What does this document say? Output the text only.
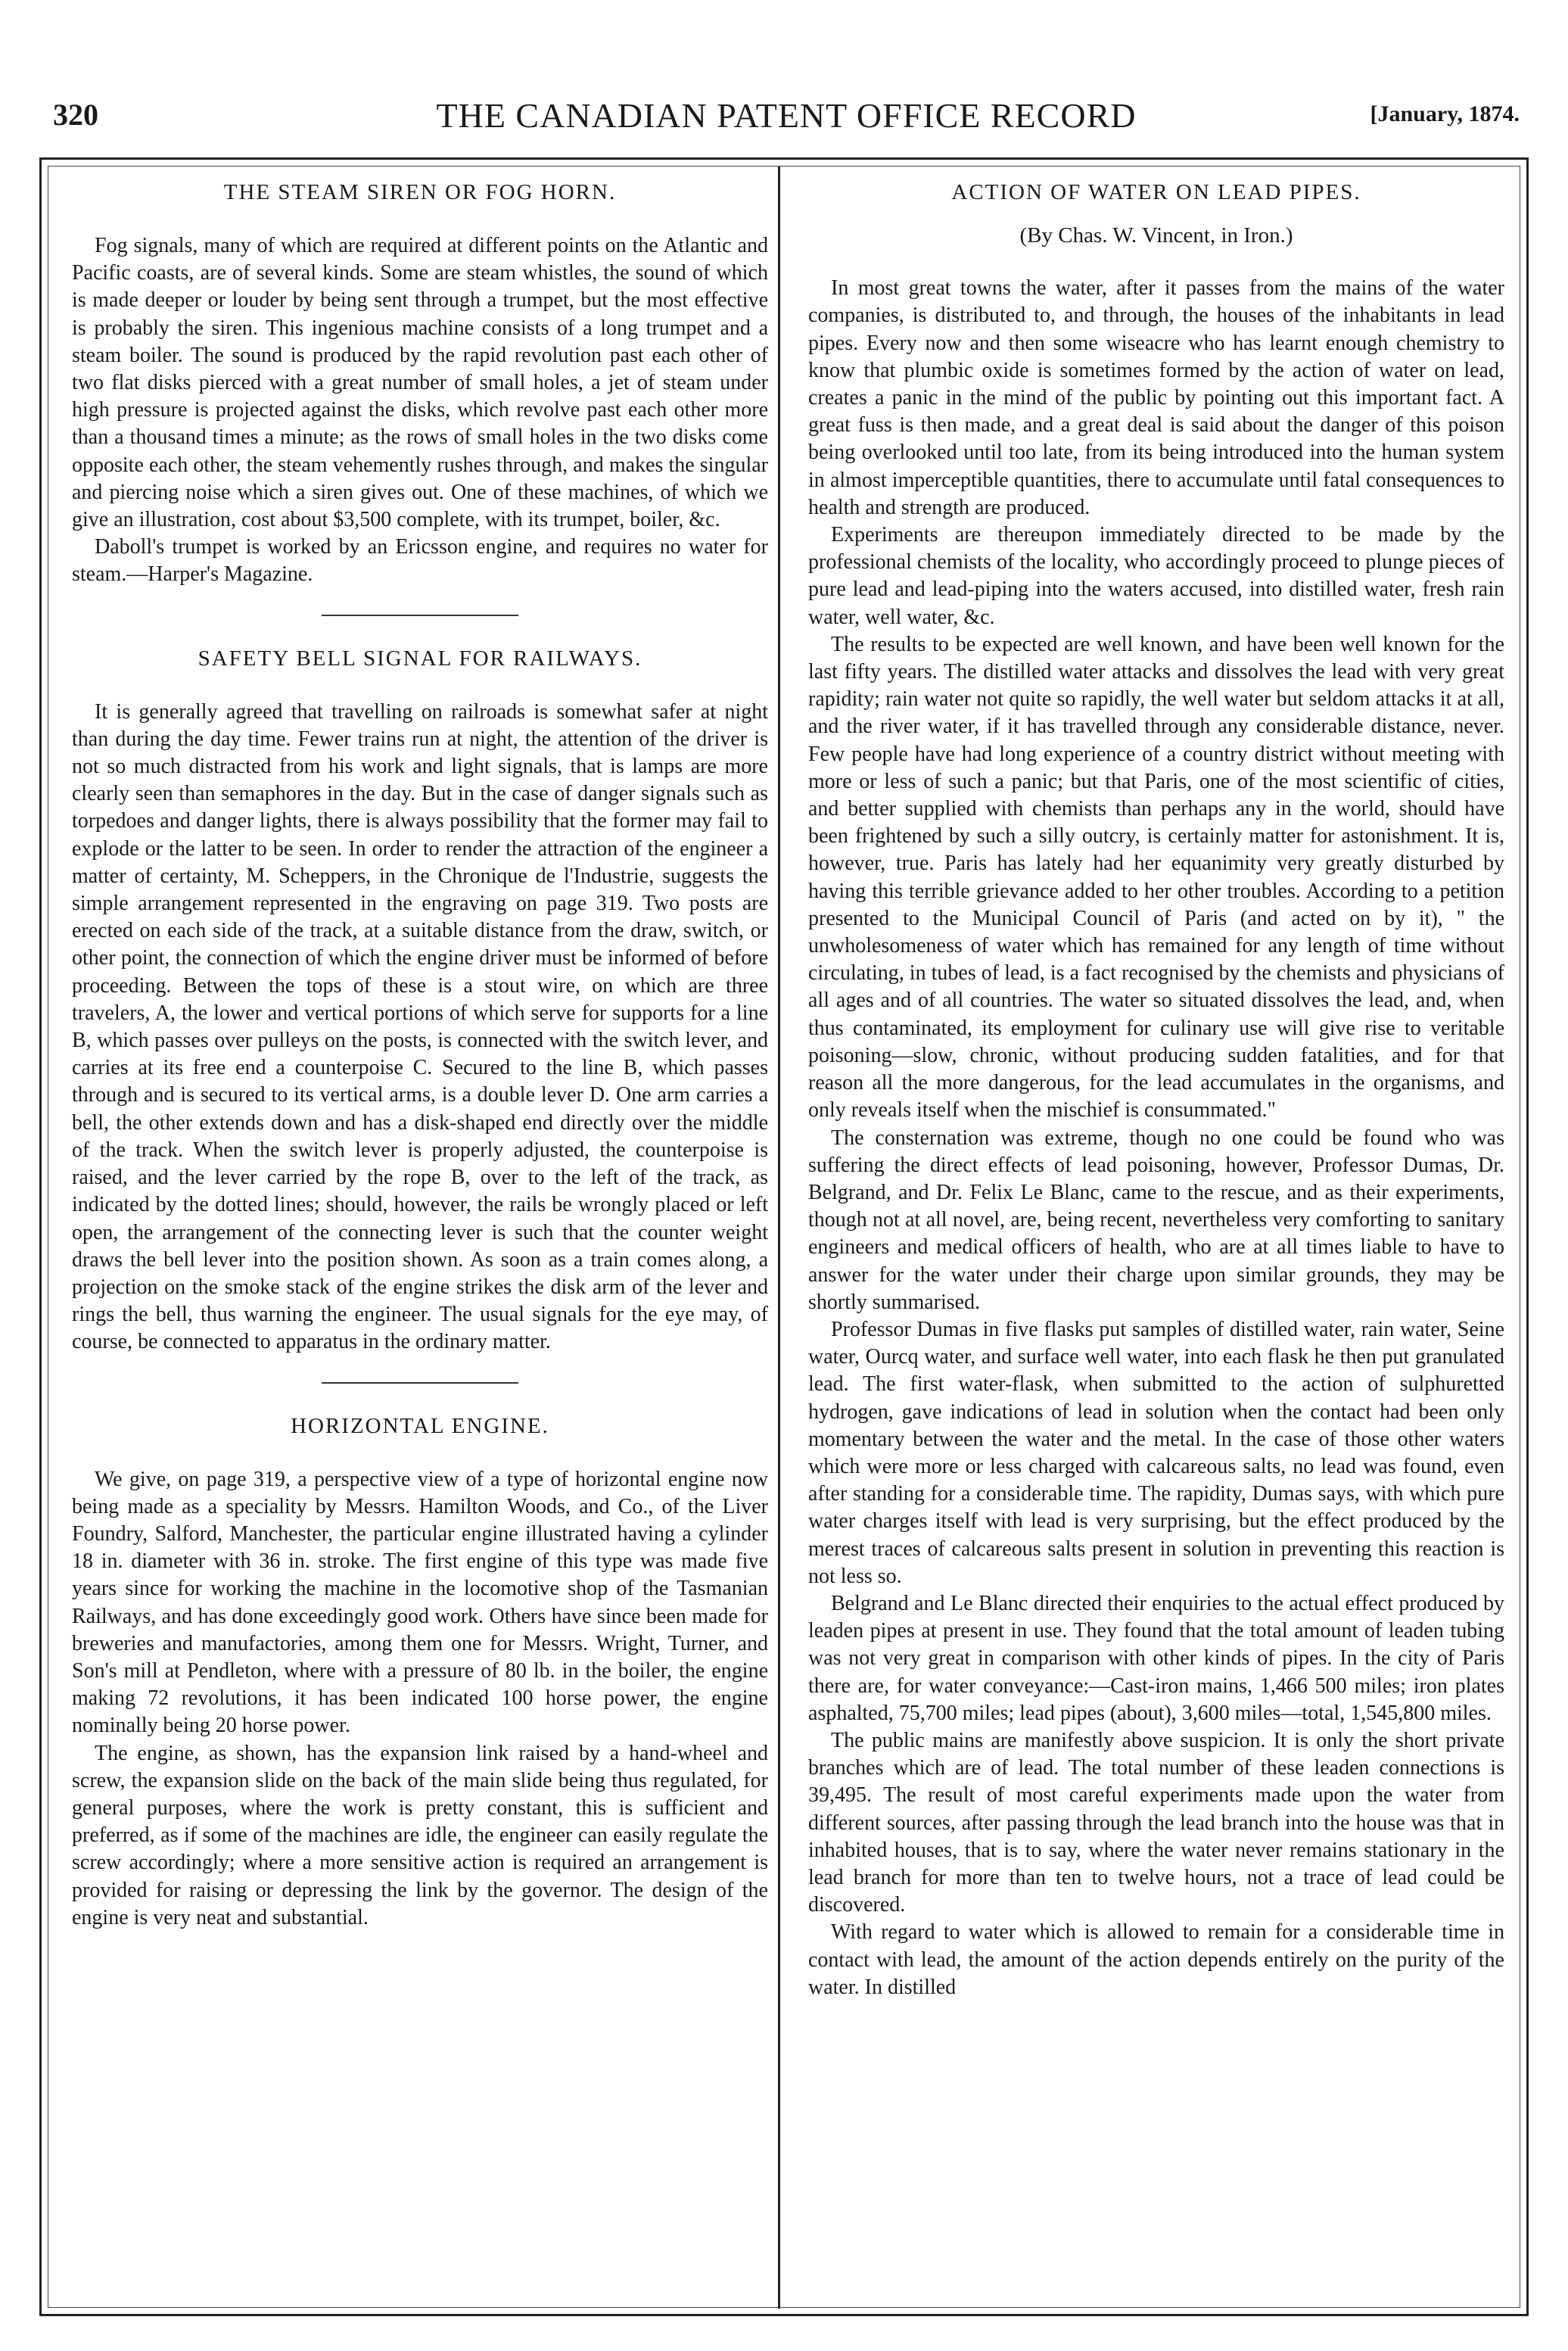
320	THE CANADIAN PATENT OFFICE RECORD	[January, 1874.
THE STEAM SIREN OR FOG HORN.

Fog signals, many of which are required at different points on the Atlantic and Pacific coasts, are of several kinds. Some are steam whistles, the sound of which is made deeper or louder by being sent through a trumpet, but the most effective is probably the siren. This ingenious machine consists of a long trumpet and a steam boiler. The sound is produced by the rapid revolution past each other of two flat disks pierced with a great number of small holes, a jet of steam under high pressure is projected against the disks, which revolve past each other more than a thousand times a minute; as the rows of small holes in the two disks come opposite each other, the steam vehemently rushes through, and makes the singular and piercing noise which a siren gives out. One of these machines, of which we give an illustration, cost about $3,500 complete, with its trumpet, boiler, &c.

Daboll's trumpet is worked by an Ericsson engine, and requires no water for steam.—Harper's Magazine.

SAFETY BELL SIGNAL FOR RAILWAYS.

It is generally agreed that travelling on railroads is somewhat safer at night than during the day time. Fewer trains run at night, the attention of the driver is not so much distracted from his work and light signals, that is lamps are more clearly seen than semaphores in the day. But in the case of danger signals such as torpedoes and danger lights, there is always possibility that the former may fail to explode or the latter to be seen. In order to render the attraction of the engineer a matter of certainty, M. Scheppers, in the Chronique de l'Industrie, suggests the simple arrangement represented in the engraving on page 319. Two posts are erected on each side of the track, at a suitable distance from the draw, switch, or other point, the connection of which the engine driver must be informed of before proceeding. Between the tops of these is a stout wire, on which are three travelers, A, the lower and vertical portions of which serve for supports for a line B, which passes over pulleys on the posts, is connected with the switch lever, and carries at its free end a counterpoise C. Secured to the line B, which passes through and is secured to its vertical arms, is a double lever D. One arm carries a bell, the other extends down and has a disk-shaped end directly over the middle of the track. When the switch lever is properly adjusted, the counterpoise is raised, and the lever carried by the rope B, over to the left of the track, as indicated by the dotted lines; should, however, the rails be wrongly placed or left open, the arrangement of the connecting lever is such that the counter weight draws the bell lever into the position shown. As soon as a train comes along, a projection on the smoke stack of the engine strikes the disk arm of the lever and rings the bell, thus warning the engineer. The usual signals for the eye may, of course, be connected to apparatus in the ordinary matter.

HORIZONTAL ENGINE.

We give, on page 319, a perspective view of a type of horizontal engine now being made as a speciality by Messrs. Hamilton Woods, and Co., of the Liver Foundry, Salford, Manchester, the particular engine illustrated having a cylinder 18 in. diameter with 36 in. stroke. The first engine of this type was made five years since for working the machine in the locomotive shop of the Tasmanian Railways, and has done exceedingly good work. Others have since been made for breweries and manufactories, among them one for Messrs. Wright, Turner, and Son's mill at Pendleton, where with a pressure of 80 lb. in the boiler, the engine making 72 revolutions, it has been indicated 100 horse power, the engine nominally being 20 horse power.

The engine, as shown, has the expansion link raised by a hand-wheel and screw, the expansion slide on the back of the main slide being thus regulated, for general purposes, where the work is pretty constant, this is sufficient and preferred, as if some of the machines are idle, the engineer can easily regulate the screw accordingly; where a more sensitive action is required an arrangement is provided for raising or depressing the link by the governor. The design of the engine is very neat and substantial.

ACTION OF WATER ON LEAD PIPES.

(By Chas. W. Vincent, in Iron.)

In most great towns the water, after it passes from the mains of the water companies, is distributed to, and through, the houses of the inhabitants in lead pipes. Every now and then some wiseacre who has learnt enough chemistry to know that plumbic oxide is sometimes formed by the action of water on lead, creates a panic in the mind of the public by pointing out this important fact. A great fuss is then made, and a great deal is said about the danger of this poison being overlooked until too late, from its being introduced into the human system in almost imperceptible quantities, there to accumulate until fatal consequences to health and strength are produced.

Experiments are thereupon immediately directed to be made by the professional chemists of the locality, who accordingly proceed to plunge pieces of pure lead and lead-piping into the waters accused, into distilled water, fresh rain water, well water, &c.

The results to be expected are well known, and have been well known for the last fifty years. The distilled water attacks and dissolves the lead with very great rapidity; rain water not quite so rapidly, the well water but seldom attacks it at all, and the river water, if it has travelled through any considerable distance, never. Few people have had long experience of a country district without meeting with more or less of such a panic; but that Paris, one of the most scientific of cities, and better supplied with chemists than perhaps any in the world, should have been frightened by such a silly outcry, is certainly matter for astonishment. It is, however, true. Paris has lately had her equanimity very greatly disturbed by having this terrible grievance added to her other troubles. According to a petition presented to the Municipal Council of Paris (and acted on by it), " the unwholesomeness of water which has remained for any length of time without circulating, in tubes of lead, is a fact recognised by the chemists and physicians of all ages and of all countries. The water so situated dissolves the lead, and, when thus contaminated, its employment for culinary use will give rise to veritable poisoning—slow, chronic, without producing sudden fatalities, and for that reason all the more dangerous, for the lead accumulates in the organisms, and only reveals itself when the mischief is consummated."

The consternation was extreme, though no one could be found who was suffering the direct effects of lead poisoning, however, Professor Dumas, Dr. Belgrand, and Dr. Felix Le Blanc, came to the rescue, and as their experiments, though not at all novel, are, being recent, nevertheless very comforting to sanitary engineers and medical officers of health, who are at all times liable to have to answer for the water under their charge upon similar grounds, they may be shortly summarised.

Professor Dumas in five flasks put samples of distilled water, rain water, Seine water, Ourcq water, and surface well water, into each flask he then put granulated lead. The first water-flask, when submitted to the action of sulphuretted hydrogen, gave indications of lead in solution when the contact had been only momentary between the water and the metal. In the case of those other waters which were more or less charged with calcareous salts, no lead was found, even after standing for a considerable time. The rapidity, Dumas says, with which pure water charges itself with lead is very surprising, but the effect produced by the merest traces of calcareous salts present in solution in preventing this reaction is not less so.

Belgrand and Le Blanc directed their enquiries to the actual effect produced by leaden pipes at present in use. They found that the total amount of leaden tubing was not very great in comparison with other kinds of pipes. In the city of Paris there are, for water conveyance:—Cast-iron mains, 1,466 500 miles; iron plates asphalted, 75,700 miles; lead pipes (about), 3,600 miles—total, 1,545,800 miles.

The public mains are manifestly above suspicion. It is only the short private branches which are of lead. The total number of these leaden connections is 39,495. The result of most careful experiments made upon the water from different sources, after passing through the lead branch into the house was that in inhabited houses, that is to say, where the water never remains stationary in the lead branch for more than ten to twelve hours, not a trace of lead could be discovered.

With regard to water which is allowed to remain for a considerable time in contact with lead, the amount of the action depends entirely on the purity of the water. In distilled
